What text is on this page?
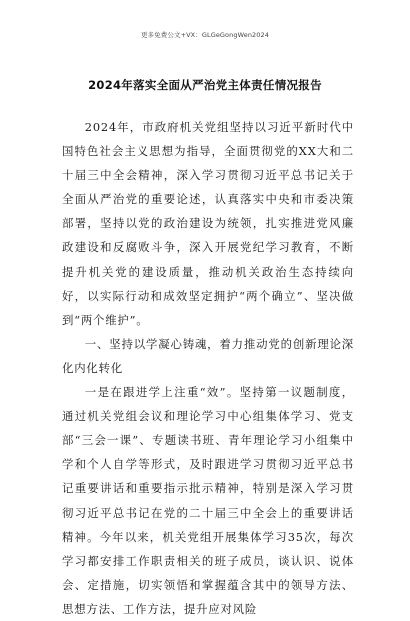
更多免费公文+VX：GLGeGongWen2024
2024年落实全面从严治党主体责任情况报告

2024年，市政府机关党组坚持以习近平新时代中国特色社会主义思想为指导，全面贯彻党的XX大和二十届三中全会精神，深入学习贯彻习近平总书记关于全面从严治党的重要论述，认真落实中央和市委决策部署，坚持以党的政治建设为统领，扎实推进党风廉政建设和反腐败斗争，深入开展党纪学习教育，不断提升机关党的建设质量，推动机关政治生态持续向好，以实际行动和成效坚定拥护“两个确立”、坚决做到“两个维护”。

一、坚持以学凝心铸魂，着力推动党的创新理论深化内化转化

一是在跟进学上注重“效”。坚持第一议题制度，通过机关党组会议和理论学习中心组集体学习、党支部“三会一课”、专题读书班、青年理论学习小组集中学和个人自学等形式，及时跟进学习贯彻习近平总书记重要讲话和重要指示批示精神，特别是深入学习贯彻习近平总书记在党的二十届三中全会上的重要讲话精神。今年以来，机关党组开展集体学习35次，每次学习都安排工作职责相关的班子成员，谈认识、说体会、定措施，切实领悟和掌握蕴含其中的领导方法、思想方法、工作方法，提升应对风险
